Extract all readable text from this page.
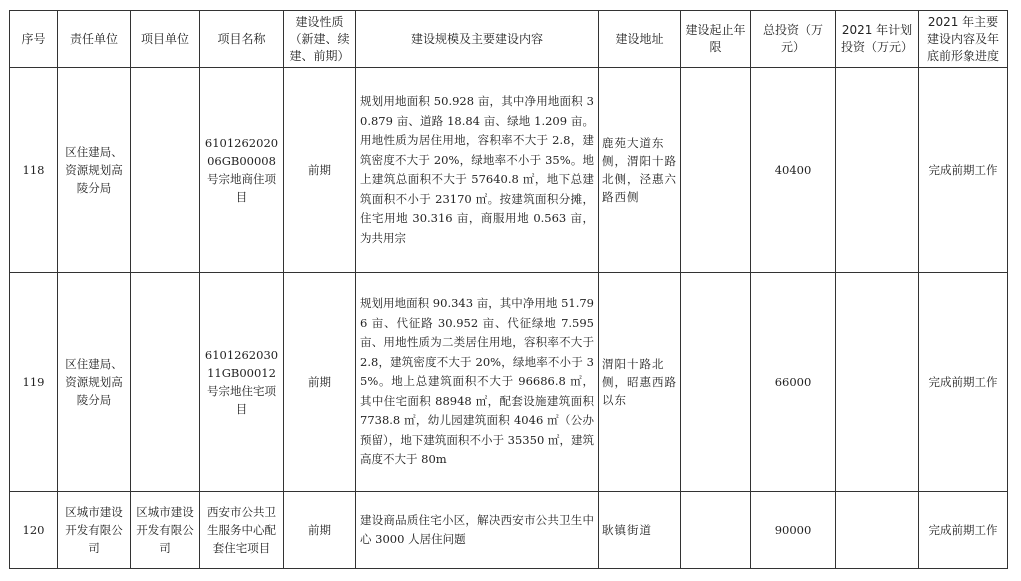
序号	责任单位	项目单位	项目名称	建设性质（新建、续建、前期）	建设规模及主要建设内容	建设地址	建设起止年限	总投资（万元）	2021 年计划投资（万元）	2021 年主要建设内容及年底前形象进度
118	区住建局、资源规划高陵分局		610126202006GB00008 号宗地商住项目	前期	规划用地面积 50.928 亩，其中净用地面积 30.879 亩、道路 18.84 亩、绿地 1.209 亩。用地性质为居住用地，容积率不大于 2.8，建筑密度不大于 20%，绿地率不小于 35%。地上建筑总面积不大于 57640.8 ㎡，地下总建筑面积不小于 23170 ㎡。按建筑面积分摊，住宅用地 30.316 亩，商服用地 0.563 亩，为共用宗	鹿苑大道东侧，渭阳十路北侧，泾惠六路西侧		40400		完成前期工作
119	区住建局、资源规划高陵分局		610126203011GB00012 号宗地住宅项目	前期	规划用地面积 90.343 亩，其中净用地 51.796 亩、代征路 30.952 亩、代征绿地 7.595 亩、用地性质为二类居住用地，容积率不大于 2.8，建筑密度不大于 20%，绿地率不小于 35%。地上总建筑面积不大于 96686.8 ㎡，其中住宅面积 88948 ㎡，配套设施建筑面积 7738.8 ㎡，幼儿园建筑面积 4046 ㎡（公办预留），地下建筑面积不小于 35350 ㎡，建筑高度不大于 80m	渭阳十路北侧，昭惠西路以东		66000		完成前期工作
120	区城市建设开发有限公司	区城市建设开发有限公司	西安市公共卫生服务中心配套住宅项目	前期	建设商品质住宅小区，解决西安市公共卫生中心 3000 人居住问题	耿镇街道		90000		完成前期工作
